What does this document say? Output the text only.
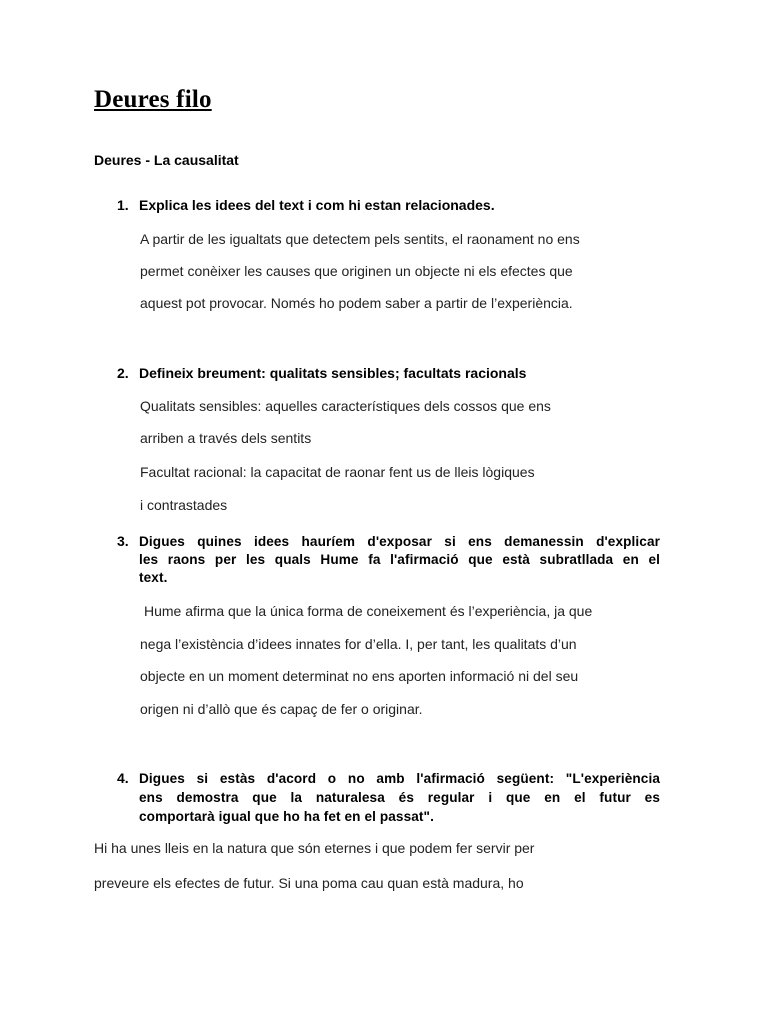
Deures filo
Deures - La causalitat
1. Explica les idees del text i com hi estan relacionades.
A partir de les igualtats que detectem pels sentits, el raonament no ens
permet conèixer les causes que originen un objecte ni els efectes que
aquest pot provocar. Només ho podem saber a partir de l’experiència.
2. Defineix breument: qualitats sensibles; facultats racionals
Qualitats sensibles: aquelles característiques dels cossos que ens
arriben a través dels sentits
Facultat racional: la capacitat de raonar fent us de lleis lògiques
i contrastades
3. Digues quines idees hauríem d'exposar si ens demanessin d'explicar
les raons per les quals Hume fa l'afirmació que està subratllada en el
text.
Hume afirma que la única forma de coneixement és l’experiència, ja que
nega l’existència d’idees innates for d’ella. I, per tant, les qualitats d’un
objecte en un moment determinat no ens aporten informació ni del seu
origen ni d’allò que és capaç de fer o originar.
4. Digues si estàs d'acord o no amb l'afirmació següent: "L'experiència
ens demostra que la naturalesa és regular i que en el futur es
comportarà igual que ho ha fet en el passat".
Hi ha unes lleis en la natura que són eternes i que podem fer servir per
preveure els efectes de futur. Si una poma cau quan està madura, ho
